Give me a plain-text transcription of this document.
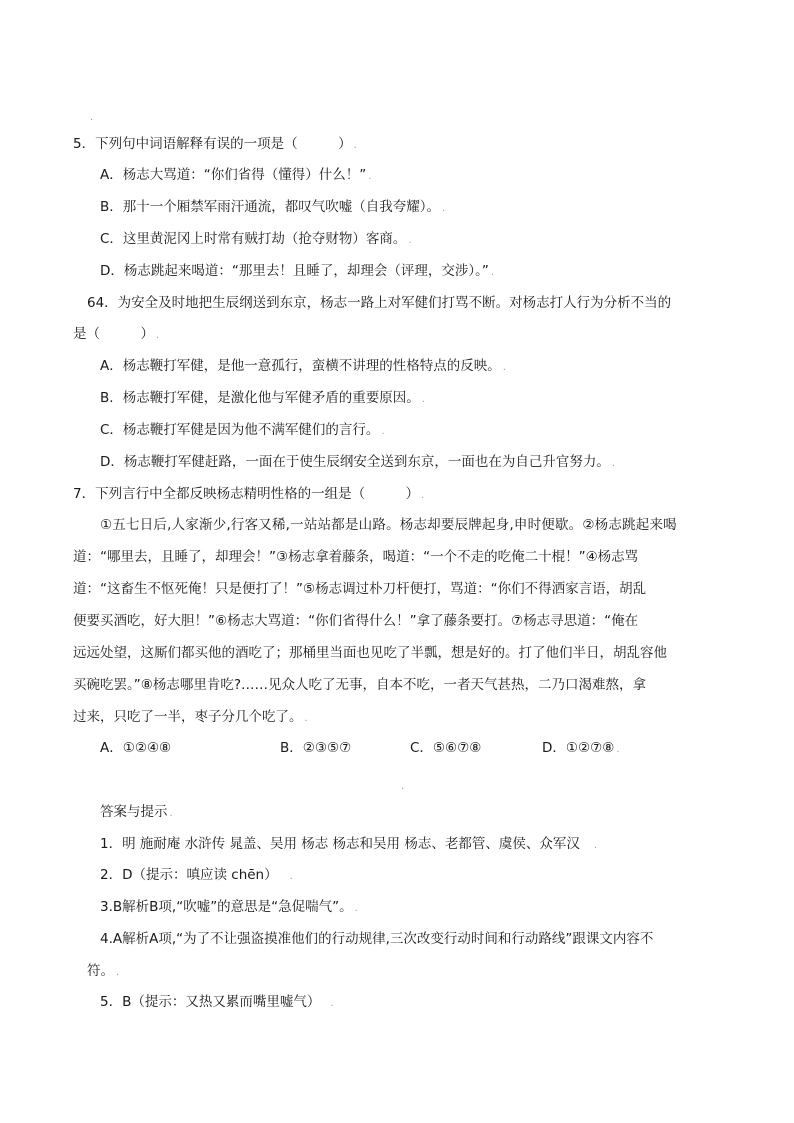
.
5．下列句中词语解释有误的一项是（　　　） .
A．杨志大骂道：“你们省得（懂得）什么！” .
B．那十一个厢禁军雨汗通流，都叹气吹嘘（自我夸耀）。 .
C．这里黄泥冈上时常有贼打劫（抢夺财物）客商。 .
D．杨志跳起来喝道：“那里去！且睡了，却理会（评理，交涉）。” .
64．为安全及时地把生辰纲送到东京，杨志一路上对军健们打骂不断。对杨志打人行为分析不当的
是（　　　） .
A．杨志鞭打军健，是他一意孤行，蛮横不讲理的性格特点的反映。 .
B．杨志鞭打军健，是激化他与军健矛盾的重要原因。 .
C．杨志鞭打军健是因为他不满军健们的言行。 .
D．杨志鞭打军健赶路，一面在于使生辰纲安全送到东京，一面也在为自己升官努力。 .
7．下列言行中全都反映杨志精明性格的一组是（　　　） .
①五七日后,人家渐少,行客又稀,一站站都是山路。杨志却要辰牌起身,申时便歇。②杨志跳起来喝
道：“哪里去，且睡了，却理会！”③杨志拿着藤条，喝道：“一个不走的吃俺二十棍！”④杨志骂
道：“这畜生不怄死俺！只是便打了！”⑤杨志调过朴刀杆便打，骂道：“你们不得洒家言语，胡乱
便要买酒吃，好大胆！”⑥杨志大骂道：“你们省得什么！”拿了藤条要打。⑦杨志寻思道：“俺在
远远处望，这厮们都买他的酒吃了；那桶里当面也见吃了半瓢，想是好的。打了他们半日，胡乱容他
买碗吃罢。”⑧杨志哪里肯吃?……见众人吃了无事，自本不吃，一者天气甚热，二乃口渴难熬，拿
过来，只吃了一半，枣子分几个吃了。 .
A．①②④⑧	B．②③⑤⑦	C．⑤⑥⑦⑧	D．①②⑦⑧ .
.
答案与提示 .
1．明 施耐庵 水浒传 晁盖、吴用 杨志 杨志和吴用 杨志、老都管、虞侯、众军汉 .
2．D（提示：嗔应读 chēn） .
3.B解析B项,“吹嘘”的意思是“急促喘气”。 .
4.A解析A项,“为了不让强盗摸准他们的行动规律,三次改变行动时间和行动路线”跟课文内容不
符。 .
5．B（提示：又热又累而嘴里嘘气） .
